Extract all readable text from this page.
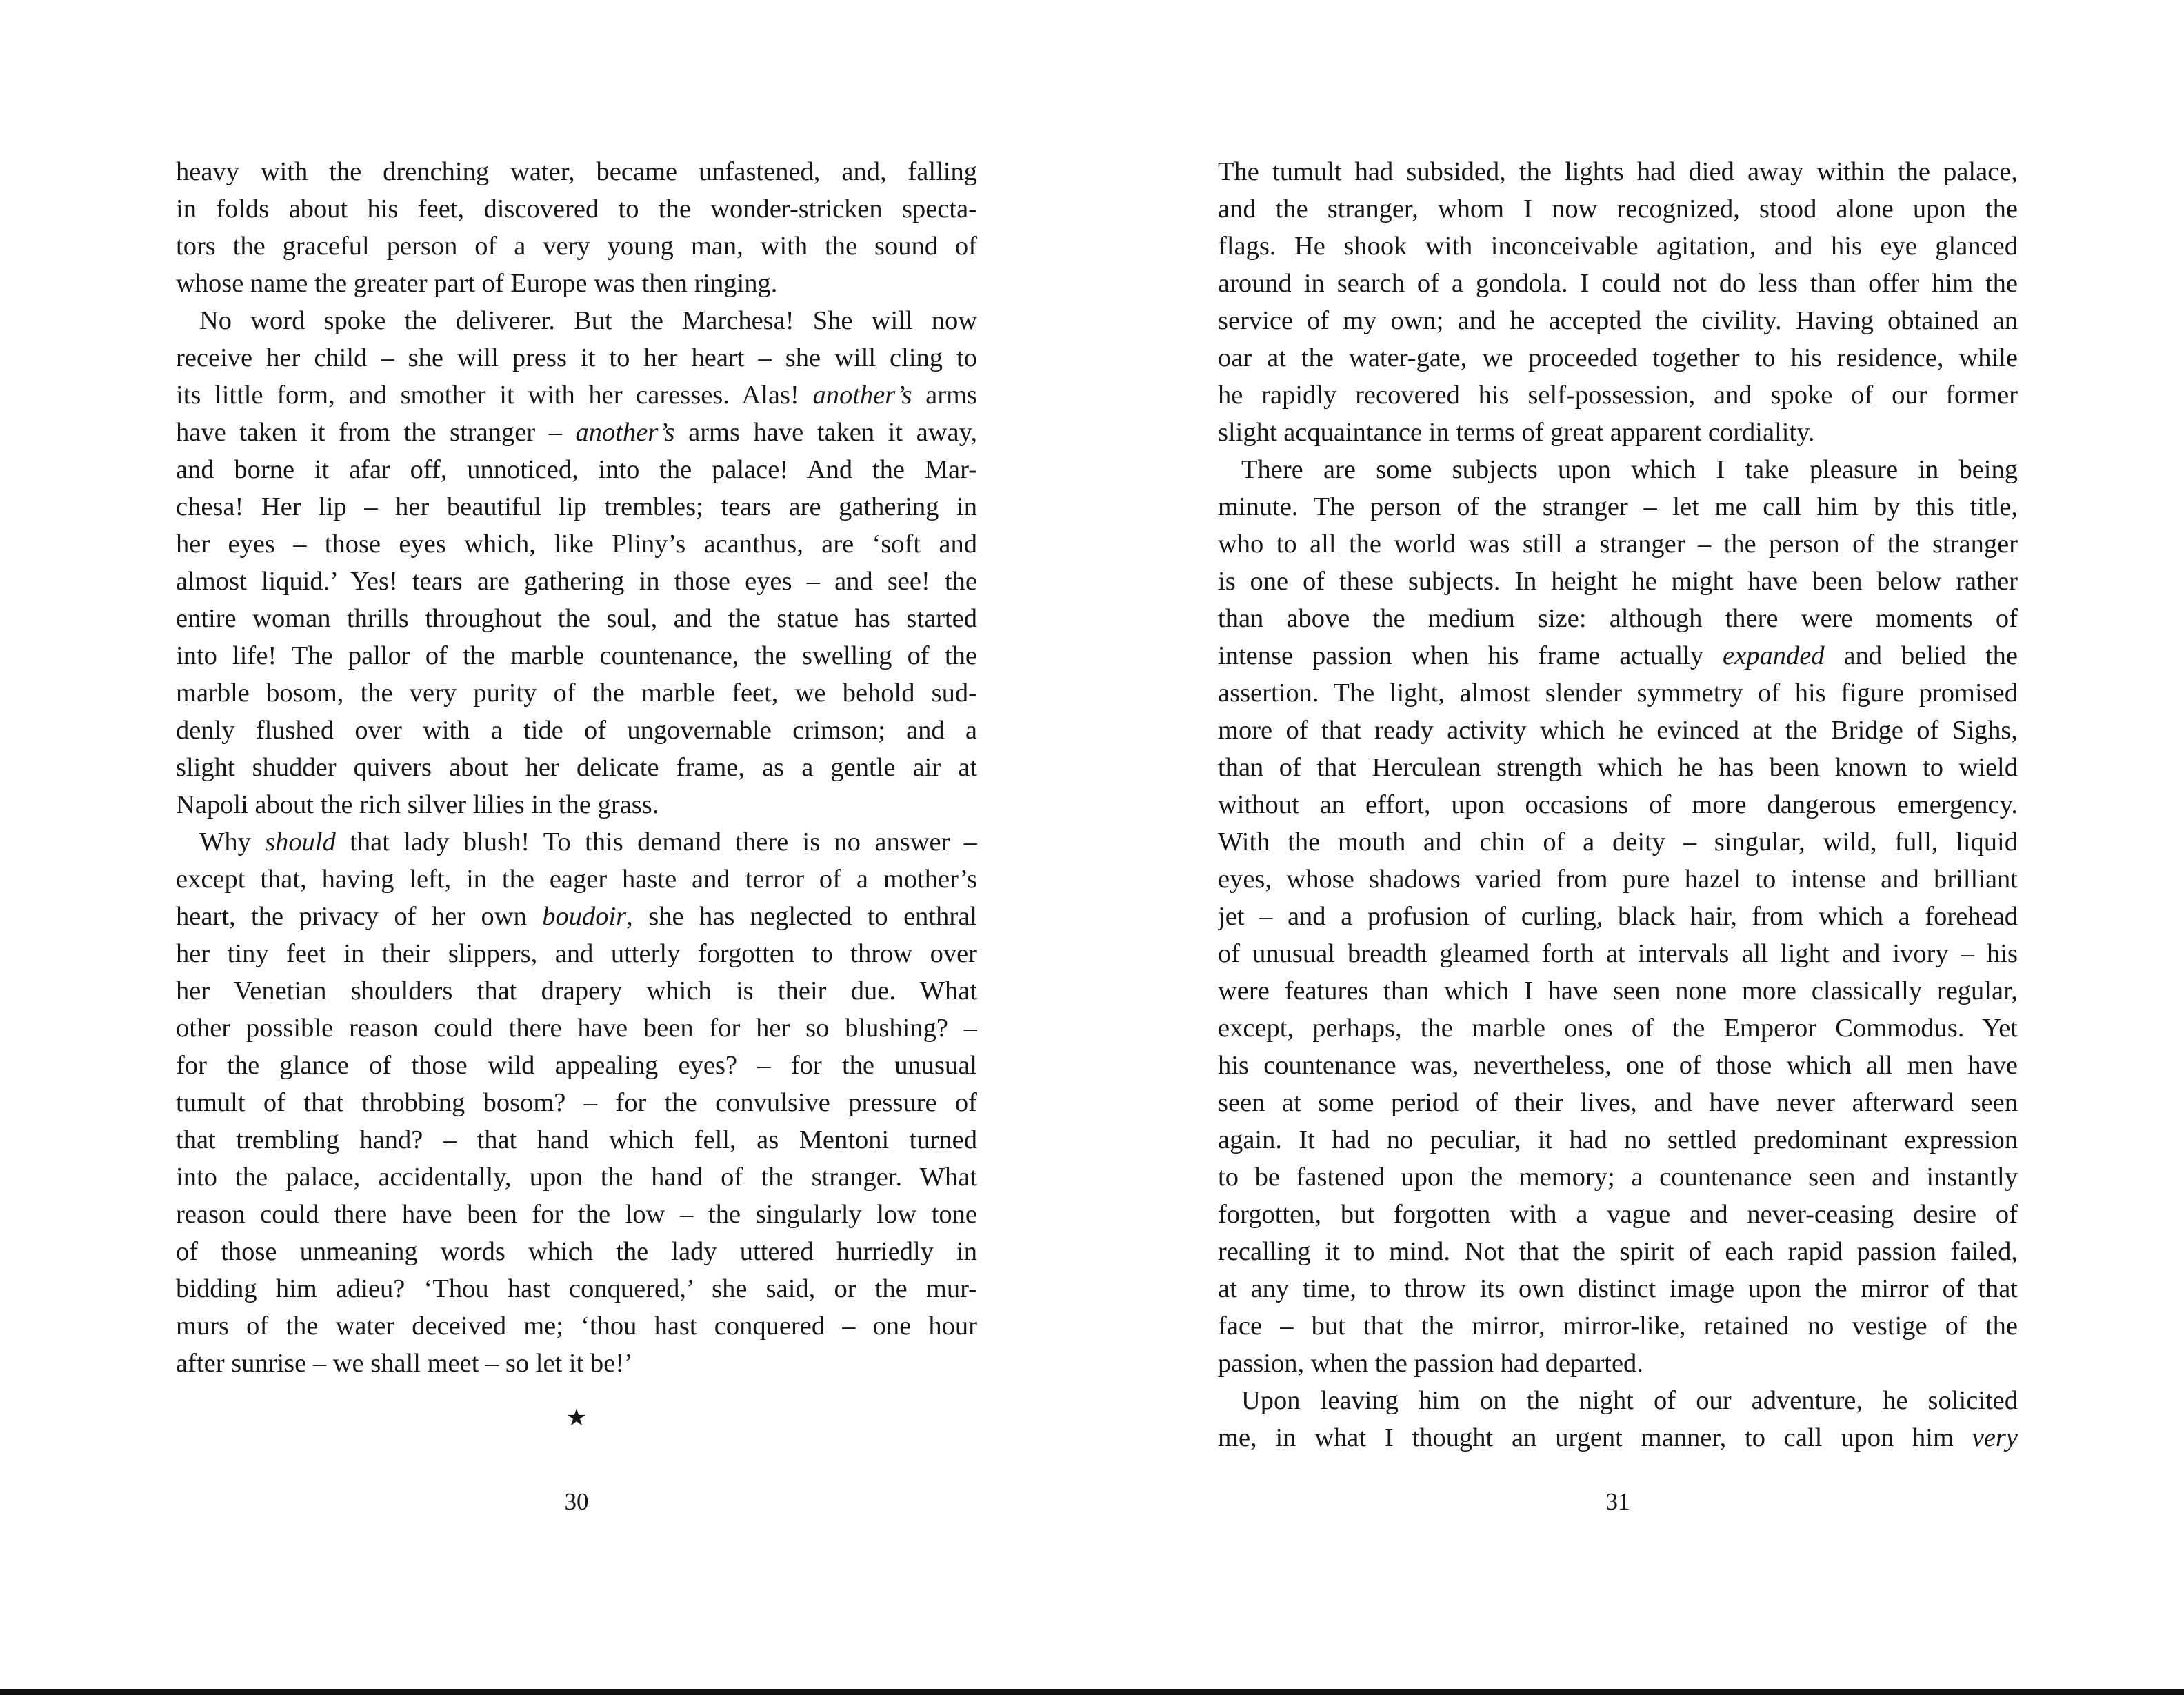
heavy with the drenching water, became unfastened, and, falling
in folds about his feet, discovered to the wonder-stricken specta-
tors the graceful person of a very young man, with the sound of
whose name the greater part of Europe was then ringing.
No word spoke the deliverer. But the Marchesa! She will now
receive her child – she will press it to her heart – she will cling to
its little form, and smother it with her caresses. Alas! another’s arms
have taken it from the stranger – another’s arms have taken it away,
and borne it afar off, unnoticed, into the palace! And the Mar-
chesa! Her lip – her beautiful lip trembles; tears are gathering in
her eyes – those eyes which, like Pliny’s acanthus, are ‘soft and
almost liquid.’ Yes! tears are gathering in those eyes – and see! the
entire woman thrills throughout the soul, and the statue has started
into life! The pallor of the marble countenance, the swelling of the
marble bosom, the very purity of the marble feet, we behold sud-
denly flushed over with a tide of ungovernable crimson; and a
slight shudder quivers about her delicate frame, as a gentle air at
Napoli about the rich silver lilies in the grass.
Why should that lady blush! To this demand there is no answer –
except that, having left, in the eager haste and terror of a mother’s
heart, the privacy of her own boudoir, she has neglected to enthral
her tiny feet in their slippers, and utterly forgotten to throw over
her Venetian shoulders that drapery which is their due. What
other possible reason could there have been for her so blushing? –
for the glance of those wild appealing eyes? – for the unusual
tumult of that throbbing bosom? – for the convulsive pressure of
that trembling hand? – that hand which fell, as Mentoni turned
into the palace, accidentally, upon the hand of the stranger. What
reason could there have been for the low – the singularly low tone
of those unmeaning words which the lady uttered hurriedly in
bidding him adieu? ‘Thou hast conquered,’ she said, or the mur-
murs of the water deceived me; ‘thou hast conquered – one hour
after sunrise – we shall meet – so let it be!’
★
30
The tumult had subsided, the lights had died away within the palace,
and the stranger, whom I now recognized, stood alone upon the
flags. He shook with inconceivable agitation, and his eye glanced
around in search of a gondola. I could not do less than offer him the
service of my own; and he accepted the civility. Having obtained an
oar at the water-gate, we proceeded together to his residence, while
he rapidly recovered his self-possession, and spoke of our former
slight acquaintance in terms of great apparent cordiality.
There are some subjects upon which I take pleasure in being
minute. The person of the stranger – let me call him by this title,
who to all the world was still a stranger – the person of the stranger
is one of these subjects. In height he might have been below rather
than above the medium size: although there were moments of
intense passion when his frame actually expanded and belied the
assertion. The light, almost slender symmetry of his figure promised
more of that ready activity which he evinced at the Bridge of Sighs,
than of that Herculean strength which he has been known to wield
without an effort, upon occasions of more dangerous emergency.
With the mouth and chin of a deity – singular, wild, full, liquid
eyes, whose shadows varied from pure hazel to intense and brilliant
jet – and a profusion of curling, black hair, from which a forehead
of unusual breadth gleamed forth at intervals all light and ivory – his
were features than which I have seen none more classically regular,
except, perhaps, the marble ones of the Emperor Commodus. Yet
his countenance was, nevertheless, one of those which all men have
seen at some period of their lives, and have never afterward seen
again. It had no peculiar, it had no settled predominant expression
to be fastened upon the memory; a countenance seen and instantly
forgotten, but forgotten with a vague and never-ceasing desire of
recalling it to mind. Not that the spirit of each rapid passion failed,
at any time, to throw its own distinct image upon the mirror of that
face – but that the mirror, mirror-like, retained no vestige of the
passion, when the passion had departed.
Upon leaving him on the night of our adventure, he solicited
me, in what I thought an urgent manner, to call upon him very
31
